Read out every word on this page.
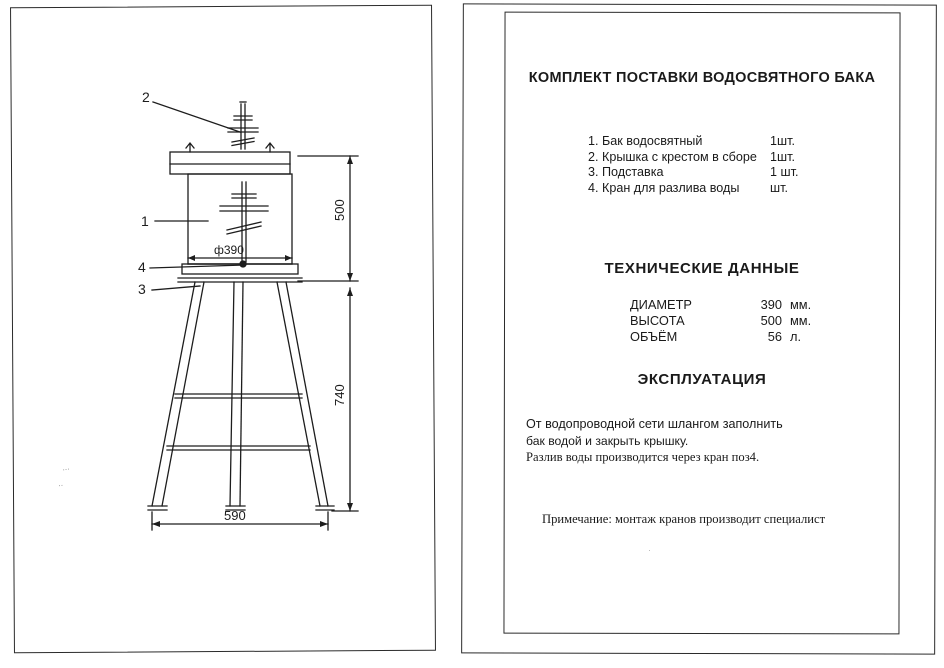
2
1
4
3
ф390
500
740
590
КОМПЛЕКТ ПОСТАВКИ ВОДОСВЯТНОГО БАКА
1. Бак водосвятный	1шт.
2. Крышка с крестом в сборе	1шт.
3. Подставка	1 шт.
4. Кран для разлива воды	шт.
ТЕХНИЧЕСКИЕ ДАННЫЕ
ДИАМЕТР	390 мм.
ВЫСОТА	500 мм.
ОБЪЁМ	56 л.
ЭКСПЛУАТАЦИЯ
От водопроводной сети шлангом заполнить
бак водой и закрыть крышку.
Разлив воды производится через кран поз4.
Примечание: монтаж кранов производит специалист
...
..
·
